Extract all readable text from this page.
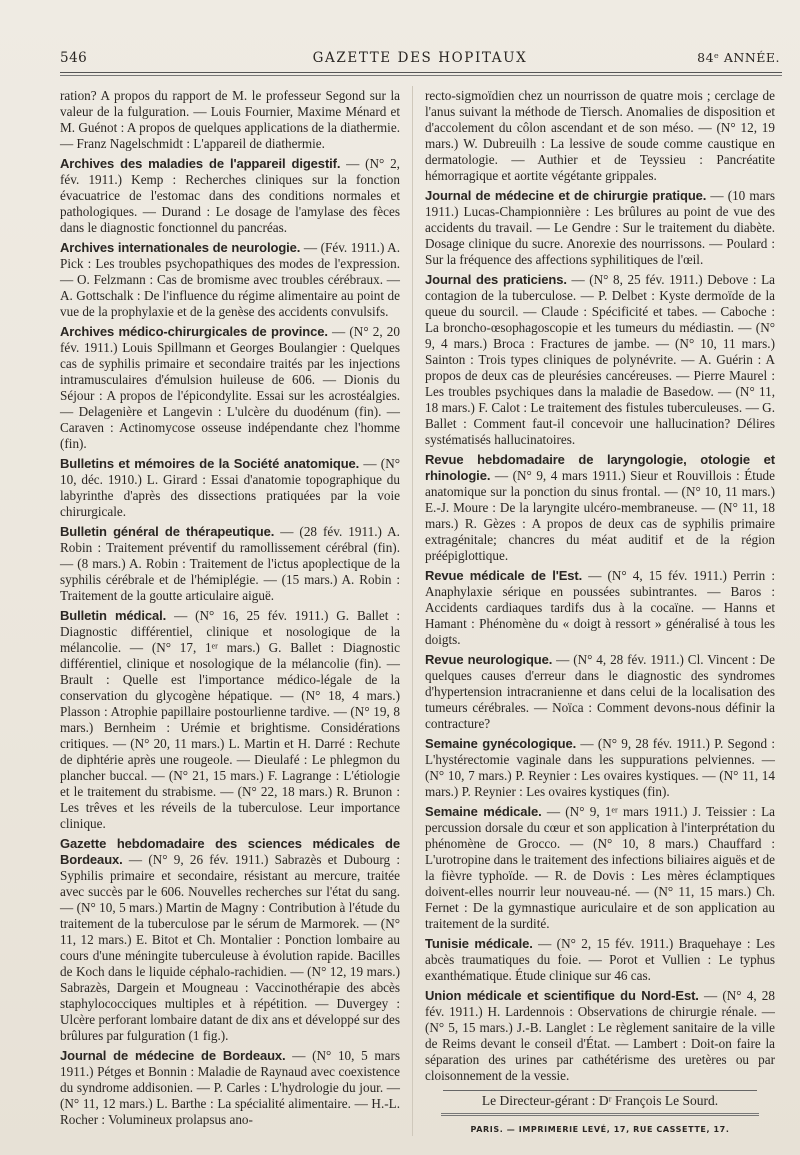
546	GAZETTE DES HOPITAUX	84ᵉ ANNÉE.

ration? A propos du rapport de M. le professeur Segond sur la valeur de la fulguration. — Louis Fournier, Maxime Ménard et M. Guénot : A propos de quelques applications de la diathermie. — Franz Nagelschmidt : L'appareil de diathermie.

Archives des maladies de l'appareil digestif. — (N° 2, fév. 1911.) Kemp : Recherches cliniques sur la fonction évacuatrice de l'estomac dans des conditions normales et pathologiques. — Durand : Le dosage de l'amylase des fèces dans le diagnostic fonctionnel du pancréas.

Archives internationales de neurologie. — (Fév. 1911.) A. Pick : Les troubles psychopathiques des modes de l'expression. — O. Felzmann : Cas de bromisme avec troubles cérébraux. — A. Gottschalk : De l'influence du régime alimentaire au point de vue de la prophylaxie et de la genèse des accidents convulsifs.

Archives médico-chirurgicales de province. — (N° 2, 20 fév. 1911.) Louis Spillmann et Georges Boulangier : Quelques cas de syphilis primaire et secondaire traités par les injections intramusculaires d'émulsion huileuse de 606. — Dionis du Séjour : A propos de l'épicondylite. Essai sur les acrostéalgies. — Delagenière et Langevin : L'ulcère du duodénum (fin). — Caraven : Actinomycose osseuse indépendante chez l'homme (fin).

Bulletins et mémoires de la Société anatomique. — (N° 10, déc. 1910.) L. Girard : Essai d'anatomie topographique du labyrinthe d'après des dissections pratiquées par la voie chirurgicale.

Bulletin général de thérapeutique. — (28 fév. 1911.) A. Robin : Traitement préventif du ramollissement cérébral (fin). — (8 mars.) A. Robin : Traitement de l'ictus apoplectique de la syphilis cérébrale et de l'hémiplégie. — (15 mars.) A. Robin : Traitement de la goutte articulaire aiguë.

Bulletin médical. — (N° 16, 25 fév. 1911.) G. Ballet : Diagnostic différentiel, clinique et nosologique de la mélancolie. — (N° 17, 1ᵉʳ mars.) G. Ballet : Diagnostic différentiel, clinique et nosologique de la mélancolie (fin). — Brault : Quelle est l'importance médico-légale de la conservation du glycogène hépatique. — (N° 18, 4 mars.) Plasson : Atrophie papillaire postourlienne tardive. — (N° 19, 8 mars.) Bernheim : Urémie et brightisme. Considérations critiques. — (N° 20, 11 mars.) L. Martin et H. Darré : Rechute de diphtérie après une rougeole. — Dieulafé : Le phlegmon du plancher buccal. — (N° 21, 15 mars.) F. Lagrange : L'étiologie et le traitement du strabisme. — (N° 22, 18 mars.) R. Brunon : Les trêves et les réveils de la tuberculose. Leur importance clinique.

Gazette hebdomadaire des sciences médicales de Bordeaux. — (N° 9, 26 fév. 1911.) Sabrazès et Dubourg : Syphilis primaire et secondaire, résistant au mercure, traitée avec succès par le 606. Nouvelles recherches sur l'état du sang. — (N° 10, 5 mars.) Martin de Magny : Contribution à l'étude du traitement de la tuberculose par le sérum de Marmorek. — (N° 11, 12 mars.) E. Bitot et Ch. Montalier : Ponction lombaire au cours d'une méningite tuberculeuse à évolution rapide. Bacilles de Koch dans le liquide céphalo-rachidien. — (N° 12, 19 mars.) Sabrazès, Dargein et Mougneau : Vaccinothérapie des abcès staphylococciques multiples et à répétition. — Duvergey : Ulcère perforant lombaire datant de dix ans et développé sur des brûlures par fulguration (1 fig.).

Journal de médecine de Bordeaux. — (N° 10, 5 mars 1911.) Pétges et Bonnin : Maladie de Raynaud avec coexistence du syndrome addisonien. — P. Carles : L'hydrologie du jour. — (N° 11, 12 mars.) L. Barthe : La spécialité alimentaire. — H.-L. Rocher : Volumineux prolapsus ano-

recto-sigmoïdien chez un nourrisson de quatre mois ; cerclage de l'anus suivant la méthode de Tiersch. Anomalies de disposition et d'accolement du côlon ascendant et de son méso. — (N° 12, 19 mars.) W. Dubreuilh : La lessive de soude comme caustique en dermatologie. — Authier et de Teyssieu : Pancréatite hémorragique et aortite végétante grippales.

Journal de médecine et de chirurgie pratique. — (10 mars 1911.) Lucas-Championnière : Les brûlures au point de vue des accidents du travail. — Le Gendre : Sur le traitement du diabète. Dosage clinique du sucre. Anorexie des nourrissons. — Poulard : Sur la fréquence des affections syphilitiques de l'œil.

Journal des praticiens. — (N° 8, 25 fév. 1911.) Debove : La contagion de la tuberculose. — P. Delbet : Kyste dermoïde de la queue du sourcil. — Claude : Spécificité et tabes. — Caboche : La broncho-œsophagoscopie et les tumeurs du médiastin. — (N° 9, 4 mars.) Broca : Fractures de jambe. — (N° 10, 11 mars.) Sainton : Trois types cliniques de polynévrite. — A. Guérin : A propos de deux cas de pleurésies cancéreuses. — Pierre Maurel : Les troubles psychiques dans la maladie de Basedow. — (N° 11, 18 mars.) F. Calot : Le traitement des fistules tuberculeuses. — G. Ballet : Comment faut-il concevoir une hallucination? Délires systématisés hallucinatoires.

Revue hebdomadaire de laryngologie, otologie et rhinologie. — (N° 9, 4 mars 1911.) Sieur et Rouvillois : Étude anatomique sur la ponction du sinus frontal. — (N° 10, 11 mars.) E.-J. Moure : De la laryngite ulcéro-membraneuse. — (N° 11, 18 mars.) R. Gèzes : A propos de deux cas de syphilis primaire extragénitale; chancres du méat auditif et de la région préépiglottique.

Revue médicale de l'Est. — (N° 4, 15 fév. 1911.) Perrin : Anaphylaxie sérique en poussées subintrantes. — Baros : Accidents cardiaques tardifs dus à la cocaïne. — Hanns et Hamant : Phénomène du « doigt à ressort » généralisé à tous les doigts.

Revue neurologique. — (N° 4, 28 fév. 1911.) Cl. Vincent : De quelques causes d'erreur dans le diagnostic des syndromes d'hypertension intracranienne et dans celui de la localisation des tumeurs cérébrales. — Noïca : Comment devons-nous définir la contracture?

Semaine gynécologique. — (N° 9, 28 fév. 1911.) P. Segond : L'hystérectomie vaginale dans les suppurations pelviennes. — (N° 10, 7 mars.) P. Reynier : Les ovaires kystiques. — (N° 11, 14 mars.) P. Reynier : Les ovaires kystiques (fin).

Semaine médicale. — (N° 9, 1ᵉʳ mars 1911.) J. Teissier : La percussion dorsale du cœur et son application à l'interprétation du phénomène de Grocco. — (N° 10, 8 mars.) Chauffard : L'urotropine dans le traitement des infections biliaires aiguës et de la fièvre typhoïde. — R. de Dovis : Les mères éclamptiques doivent-elles nourrir leur nouveau-né. — (N° 11, 15 mars.) Ch. Fernet : De la gymnastique auriculaire et de son application au traitement de la surdité.

Tunisie médicale. — (N° 2, 15 fév. 1911.) Braquehaye : Les abcès traumatiques du foie. — Porot et Vullien : Le typhus exanthématique. Étude clinique sur 46 cas.

Union médicale et scientifique du Nord-Est. — (N° 4, 28 fév. 1911.) H. Lardennois : Observations de chirurgie rénale. — (N° 5, 15 mars.) J.-B. Langlet : Le règlement sanitaire de la ville de Reims devant le conseil d'État. — Lambert : Doit-on faire la séparation des urines par cathétérisme des uretères ou par cloisonnement de la vessie.

Le Directeur-gérant : Dʳ François Le Sourd.
PARIS. — IMPRIMERIE LEVÉ, 17, RUE CASSETTE, 17.
